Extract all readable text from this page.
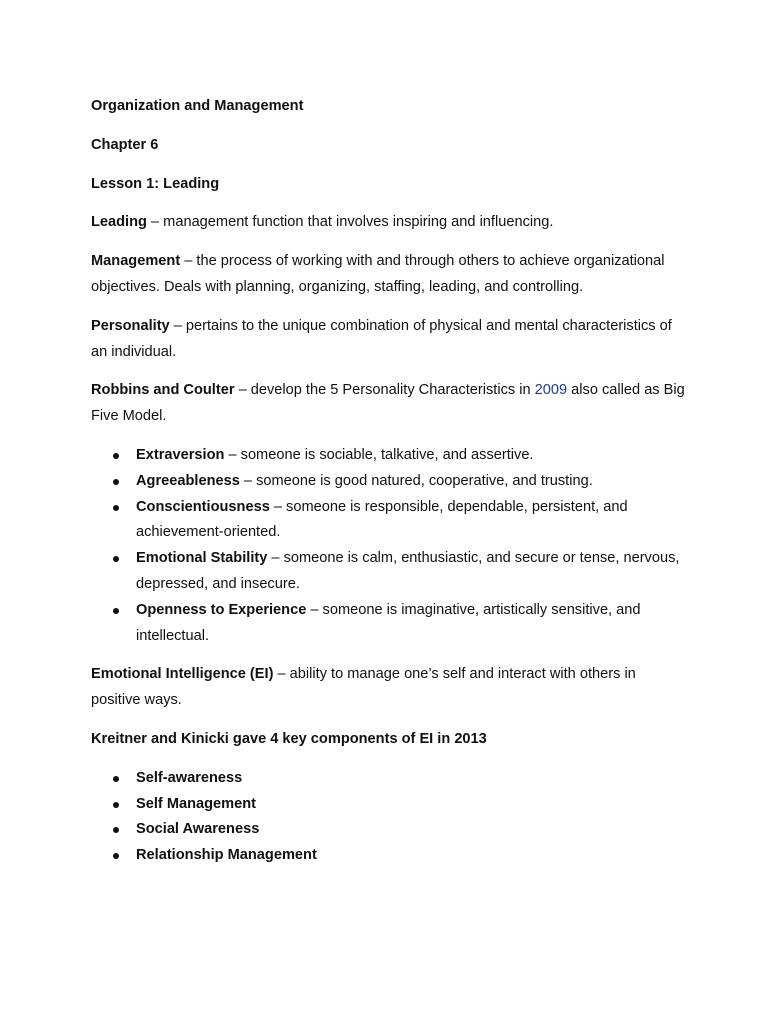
Organization and Management

Chapter 6

Lesson 1: Leading

Leading – management function that involves inspiring and influencing.

Management – the process of working with and through others to achieve organizational objectives. Deals with planning, organizing, staffing, leading, and controlling.

Personality – pertains to the unique combination of physical and mental characteristics of an individual.

Robbins and Coulter – develop the 5 Personality Characteristics in 2009 also called as Big Five Model.

Extraversion – someone is sociable, talkative, and assertive.
Agreeableness – someone is good natured, cooperative, and trusting.
Conscientiousness – someone is responsible, dependable, persistent, and achievement-oriented.
Emotional Stability – someone is calm, enthusiastic, and secure or tense, nervous, depressed, and insecure.
Openness to Experience – someone is imaginative, artistically sensitive, and intellectual.

Emotional Intelligence (EI) – ability to manage one’s self and interact with others in positive ways.

Kreitner and Kinicki gave 4 key components of EI in 2013

Self-awareness
Self Management
Social Awareness
Relationship Management
